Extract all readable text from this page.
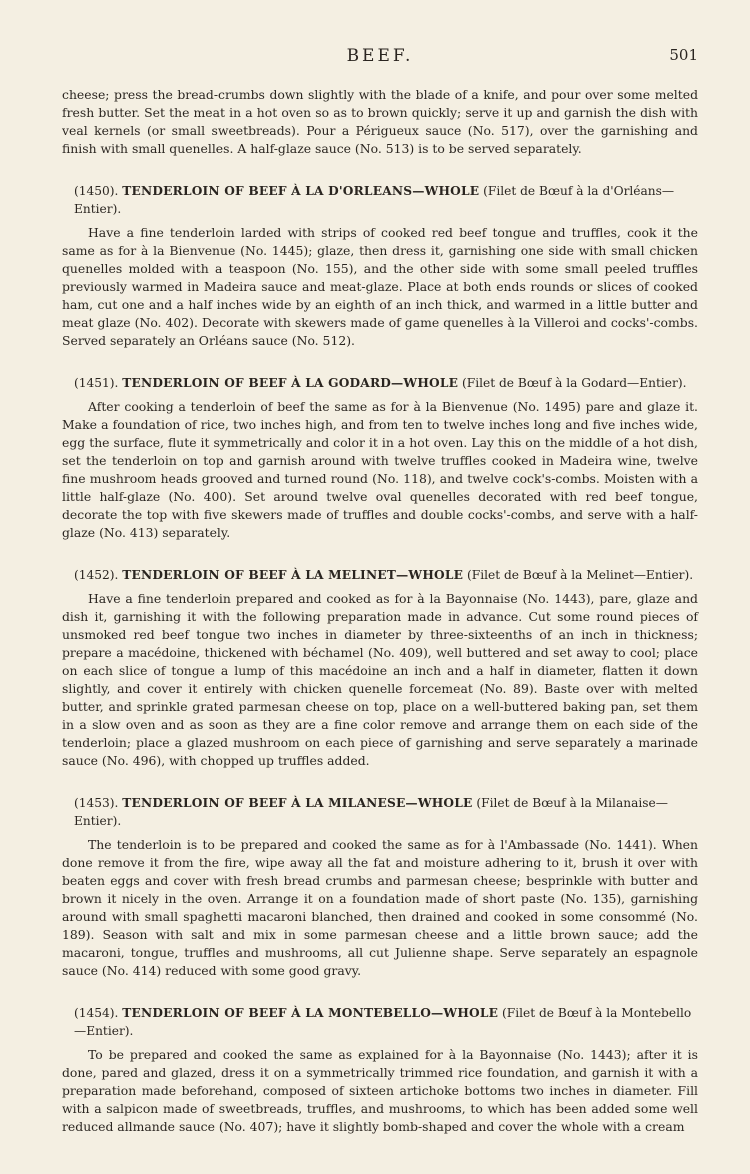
BEEF.	501

cheese; press the bread-crumbs down slightly with the blade of a knife, and pour over some melted fresh butter. Set the meat in a hot oven so as to brown quickly; serve it up and garnish the dish with veal kernels (or small sweetbreads). Pour a Périgueux sauce (No. 517), over the garnishing and finish with small quenelles. A half-glaze sauce (No. 513) is to be served separately.

(1450). TENDERLOIN OF BEEF À LA D'ORLEANS—WHOLE (Filet de Bœuf à la d'Orléans—Entier).

Have a fine tenderloin larded with strips of cooked red beef tongue and truffles, cook it the same as for à la Bienvenue (No. 1445); glaze, then dress it, garnishing one side with small chicken quenelles molded with a teaspoon (No. 155), and the other side with some small peeled truffles previously warmed in Madeira sauce and meat-glaze. Place at both ends rounds or slices of cooked ham, cut one and a half inches wide by an eighth of an inch thick, and warmed in a little butter and meat glaze (No. 402). Decorate with skewers made of game quenelles à la Villeroi and cocks'-combs. Served separately an Orléans sauce (No. 512).

(1451). TENDERLOIN OF BEEF À LA GODARD—WHOLE (Filet de Bœuf à la Godard—Entier).

After cooking a tenderloin of beef the same as for à la Bienvenue (No. 1495) pare and glaze it. Make a foundation of rice, two inches high, and from ten to twelve inches long and five inches wide, egg the surface, flute it symmetrically and color it in a hot oven. Lay this on the middle of a hot dish, set the tenderloin on top and garnish around with twelve truffles cooked in Madeira wine, twelve fine mushroom heads grooved and turned round (No. 118), and twelve cock's-combs. Moisten with a little half-glaze (No. 400). Set around twelve oval quenelles decorated with red beef tongue, decorate the top with five skewers made of truffles and double cocks'-combs, and serve with a half-glaze (No. 413) separately.

(1452). TENDERLOIN OF BEEF À LA MELINET—WHOLE (Filet de Bœuf à la Melinet—Entier).

Have a fine tenderloin prepared and cooked as for à la Bayonnaise (No. 1443), pare, glaze and dish it, garnishing it with the following preparation made in advance. Cut some round pieces of unsmoked red beef tongue two inches in diameter by three-sixteenths of an inch in thickness; prepare a macédoine, thickened with béchamel (No. 409), well buttered and set away to cool; place on each slice of tongue a lump of this macédoine an inch and a half in diameter, flatten it down slightly, and cover it entirely with chicken quenelle forcemeat (No. 89). Baste over with melted butter, and sprinkle grated parmesan cheese on top, place on a well-buttered baking pan, set them in a slow oven and as soon as they are a fine color remove and arrange them on each side of the tenderloin; place a glazed mushroom on each piece of garnishing and serve separately a marinade sauce (No. 496), with chopped up truffles added.

(1453). TENDERLOIN OF BEEF À LA MILANESE—WHOLE (Filet de Bœuf à la Milanaise—Entier).

The tenderloin is to be prepared and cooked the same as for à l'Ambassade (No. 1441). When done remove it from the fire, wipe away all the fat and moisture adhering to it, brush it over with beaten eggs and cover with fresh bread crumbs and parmesan cheese; besprinkle with butter and brown it nicely in the oven. Arrange it on a foundation made of short paste (No. 135), garnishing around with small spaghetti macaroni blanched, then drained and cooked in some consommé (No. 189). Season with salt and mix in some parmesan cheese and a little brown sauce; add the macaroni, tongue, truffles and mushrooms, all cut Julienne shape. Serve separately an espagnole sauce (No. 414) reduced with some good gravy.

(1454). TENDERLOIN OF BEEF À LA MONTEBELLO—WHOLE (Filet de Bœuf à la Montebello—Entier).

To be prepared and cooked the same as explained for à la Bayonnaise (No. 1443); after it is done, pared and glazed, dress it on a symmetrically trimmed rice foundation, and garnish it with a preparation made beforehand, composed of sixteen artichoke bottoms two inches in diameter. Fill with a salpicon made of sweetbreads, truffles, and mushrooms, to which has been added some well reduced allmande sauce (No. 407); have it slightly bomb-shaped and cover the whole with a cream
